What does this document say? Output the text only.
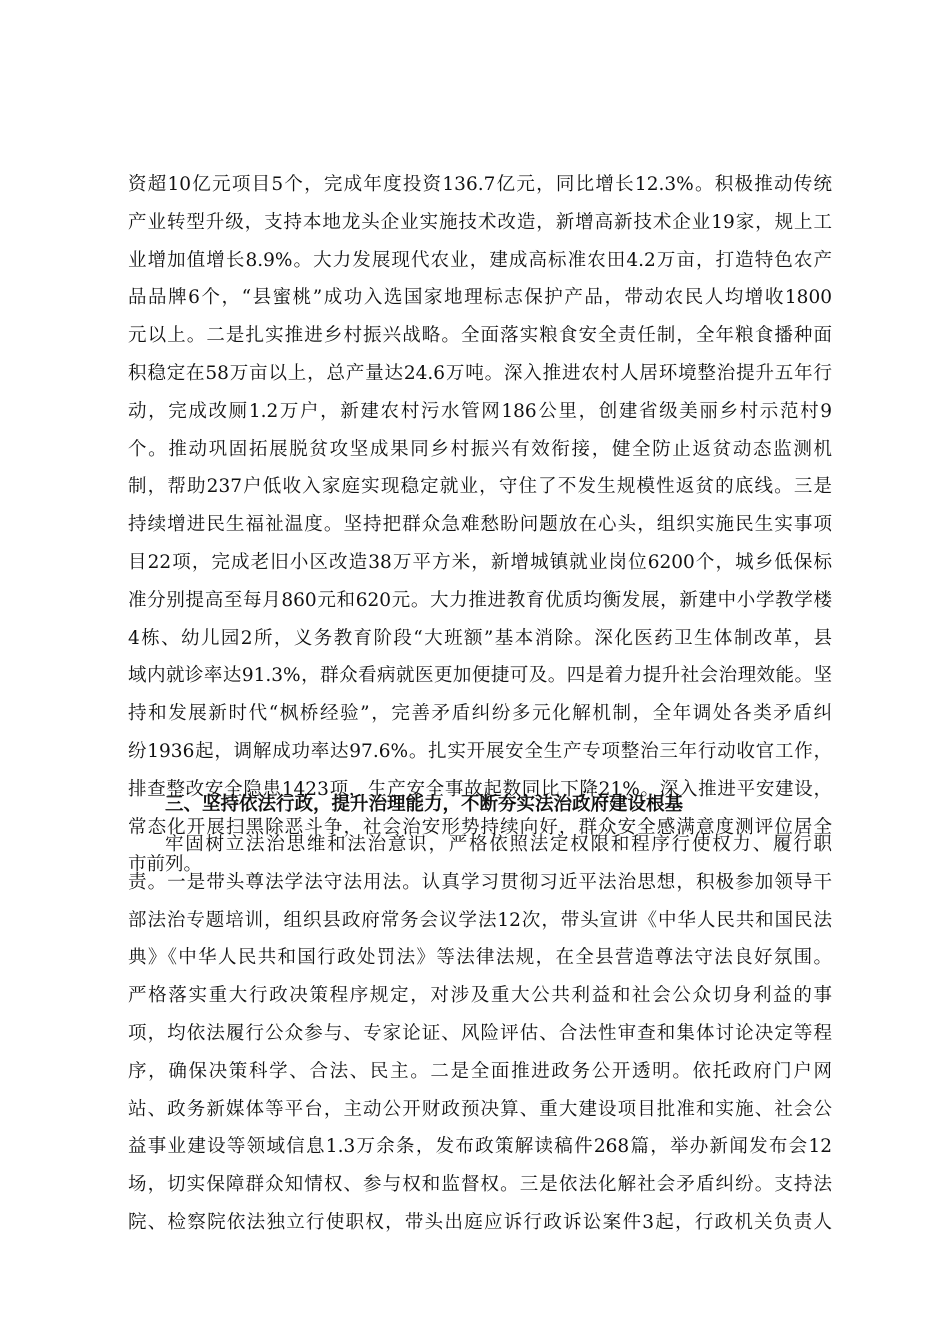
资超10亿元项目5个，完成年度投资136.7亿元，同比增长12.3%。积极推动传统
产业转型升级，支持本地龙头企业实施技术改造，新增高新技术企业19家，规上工
业增加值增长8.9%。大力发展现代农业，建成高标准农田4.2万亩，打造特色农产
品品牌6个，“县蜜桃”成功入选国家地理标志保护产品，带动农民人均增收1800
元以上。二是扎实推进乡村振兴战略。全面落实粮食安全责任制，全年粮食播种面
积稳定在58万亩以上，总产量达24.6万吨。深入推进农村人居环境整治提升五年行
动，完成改厕1.2万户，新建农村污水管网186公里，创建省级美丽乡村示范村9
个。推动巩固拓展脱贫攻坚成果同乡村振兴有效衔接，健全防止返贫动态监测机
制，帮助237户低收入家庭实现稳定就业，守住了不发生规模性返贫的底线。三是
持续增进民生福祉温度。坚持把群众急难愁盼问题放在心头，组织实施民生实事项
目22项，完成老旧小区改造38万平方米，新增城镇就业岗位6200个，城乡低保标
准分别提高至每月860元和620元。大力推进教育优质均衡发展，新建中小学教学楼
4栋、幼儿园2所，义务教育阶段“大班额”基本消除。深化医药卫生体制改革，县
域内就诊率达91.3%，群众看病就医更加便捷可及。四是着力提升社会治理效能。坚
持和发展新时代“枫桥经验”，完善矛盾纠纷多元化解机制，全年调处各类矛盾纠
纷1936起，调解成功率达97.6%。扎实开展安全生产专项整治三年行动收官工作，
排查整改安全隐患1423项，生产安全事故起数同比下降21%。深入推进平安建设，
常态化开展扫黑除恶斗争，社会治安形势持续向好，群众安全感满意度测评位居全
市前列。
三、坚持依法行政，提升治理能力，不断夯实法治政府建设根基
牢固树立法治思维和法治意识，严格依照法定权限和程序行使权力、履行职
责。一是带头尊法学法守法用法。认真学习贯彻习近平法治思想，积极参加领导干
部法治专题培训，组织县政府常务会议学法12次，带头宣讲《中华人民共和国民法
典》《中华人民共和国行政处罚法》等法律法规，在全县营造尊法守法良好氛围。
严格落实重大行政决策程序规定，对涉及重大公共利益和社会公众切身利益的事
项，均依法履行公众参与、专家论证、风险评估、合法性审查和集体讨论决定等程
序，确保决策科学、合法、民主。二是全面推进政务公开透明。依托政府门户网
站、政务新媒体等平台，主动公开财政预决算、重大建设项目批准和实施、社会公
益事业建设等领域信息1.3万余条，发布政策解读稿件268篇，举办新闻发布会12
场，切实保障群众知情权、参与权和监督权。三是依法化解社会矛盾纠纷。支持法
院、检察院依法独立行使职权，带头出庭应诉行政诉讼案件3起，行政机关负责人
